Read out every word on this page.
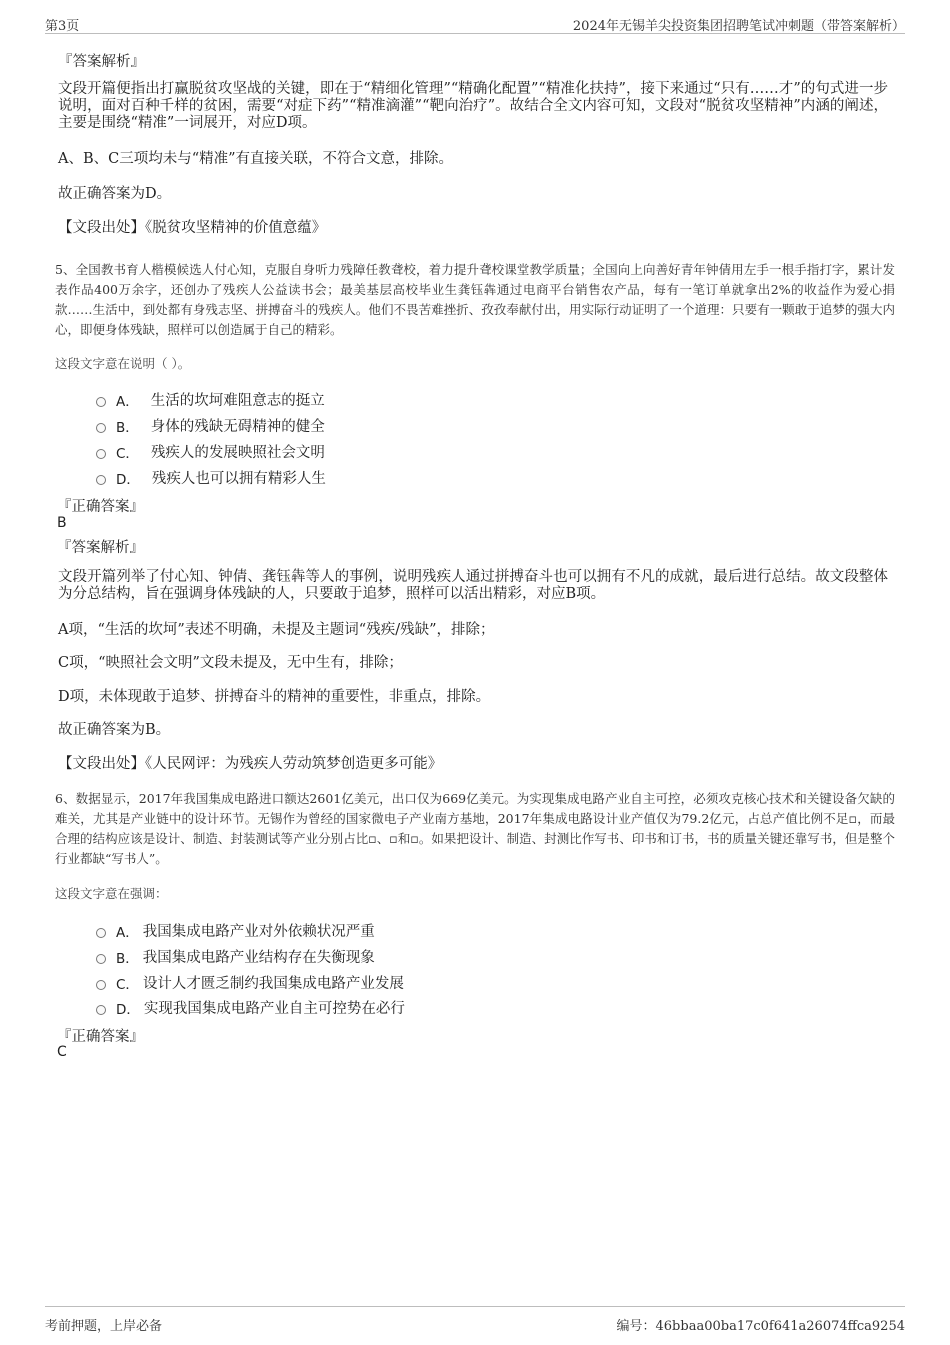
第3页	2024年无锡羊尖投资集团招聘笔试冲刺题（带答案解析）
『答案解析』
文段开篇便指出打赢脱贫攻坚战的关键，即在于“精细化管理”“精确化配置”“精准化扶持”，接下来通过“只有……才”的句式进一步说明，面对百种千样的贫困，需要“对症下药”“精准滴灌”“靶向治疗”。故结合全文内容可知，文段对“脱贫攻坚精神”内涵的阐述，主要是围绕“精准”一词展开，对应D项。
A、B、C三项均未与“精准”有直接关联，不符合文意，排除。
故正确答案为D。
【文段出处】《脱贫攻坚精神的价值意蕴》
5、全国教书育人楷模候选人付心知，克服自身听力残障任教聋校，着力提升聋校课堂教学质量；全国向上向善好青年钟倩用左手一根手指打字，累计发表作品400万余字，还创办了残疾人公益读书会；最美基层高校毕业生龚钰犇通过电商平台销售农产品，每有一笔订单就拿出2%的收益作为爱心捐款……生活中，到处都有身残志坚、拼搏奋斗的残疾人。他们不畏苦难挫折、孜孜奉献付出，用实际行动证明了一个道理：只要有一颗敢于追梦的强大内心，即便身体残缺，照样可以创造属于自己的精彩。
这段文字意在说明（ ）。
A． 生活的坎坷难阻意志的挺立
B． 身体的残缺无碍精神的健全
C． 残疾人的发展映照社会文明
D． 残疾人也可以拥有精彩人生
『正确答案』
B
『答案解析』
文段开篇列举了付心知、钟倩、龚钰犇等人的事例，说明残疾人通过拼搏奋斗也可以拥有不凡的成就，最后进行总结。故文段整体为分总结构，旨在强调身体残缺的人，只要敢于追梦，照样可以活出精彩，对应B项。
A项，“生活的坎坷”表述不明确，未提及主题词“残疾/残缺”，排除；
C项，“映照社会文明”文段未提及，无中生有，排除；
D项，未体现敢于追梦、拼搏奋斗的精神的重要性，非重点，排除。
故正确答案为B。
【文段出处】《人民网评：为残疾人劳动筑梦创造更多可能》
6、数据显示，2017年我国集成电路进口额达2601亿美元，出口仅为669亿美元。为实现集成电路产业自主可控，必须攻克核心技术和关键设备欠缺的难关，尤其是产业链中的设计环节。无锡作为曾经的国家微电子产业南方基地，2017年集成电路设计业产值仅为79.2亿元，占总产值比例不足▫，而最合理的结构应该是设计、制造、封装测试等产业分别占比▫、▫和▫。如果把设计、制造、封测比作写书、印书和订书，书的质量关键还靠写书，但是整个行业都缺“写书人”。
这段文字意在强调：
A． 我国集成电路产业对外依赖状况严重
B． 我国集成电路产业结构存在失衡现象
C． 设计人才匮乏制约我国集成电路产业发展
D． 实现我国集成电路产业自主可控势在必行
『正确答案』
C
考前押题，上岸必备	编号：46bbaa00ba17c0f641a26074ffca9254
